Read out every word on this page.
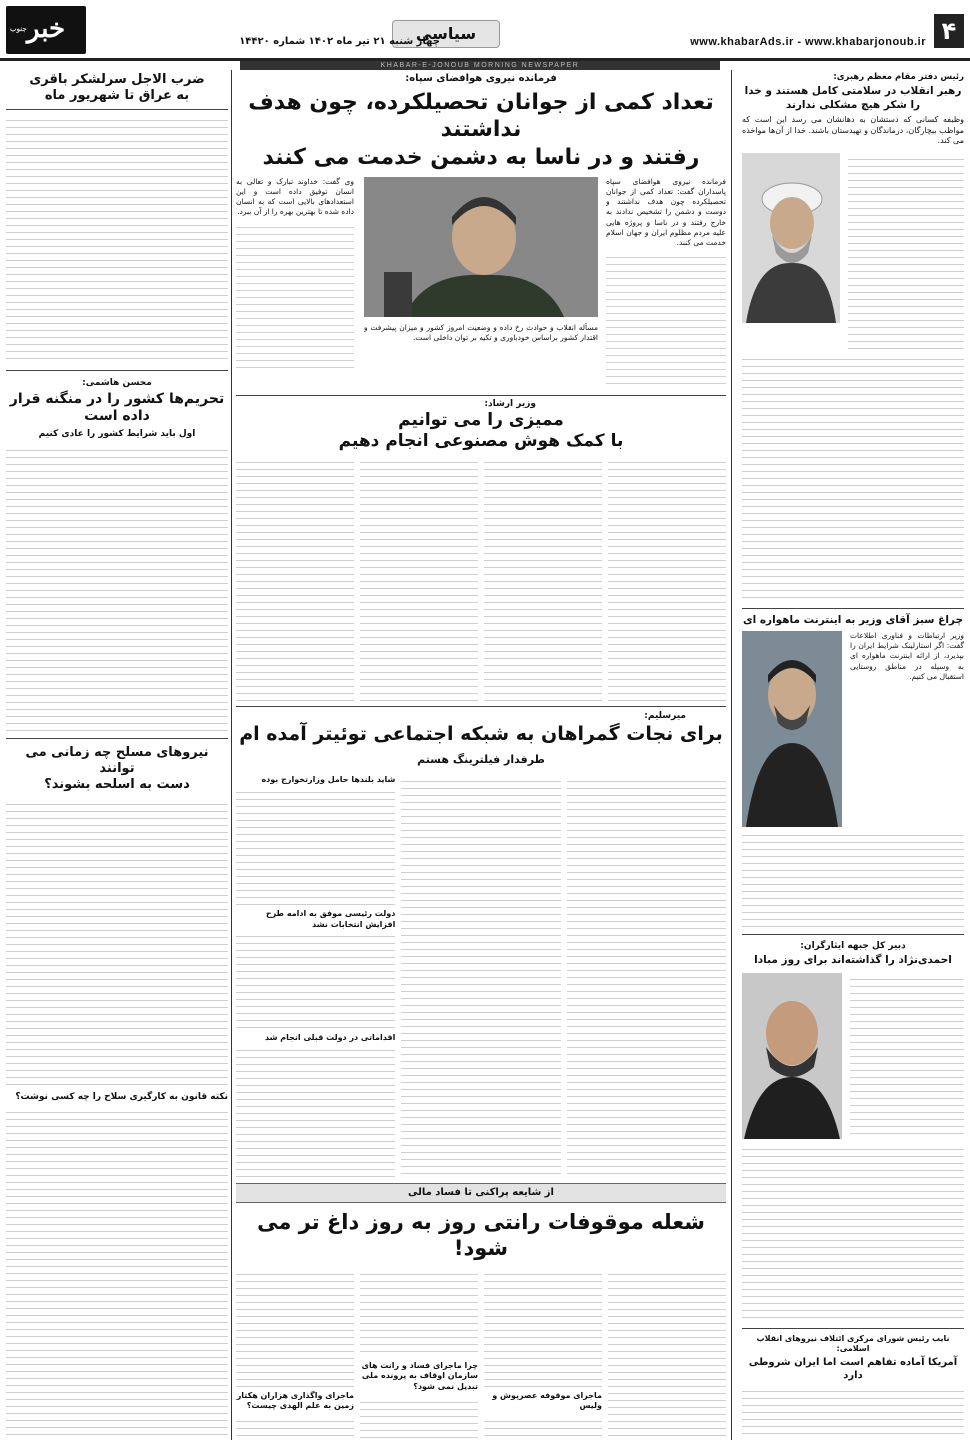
۴
www.khabarAds.ir - www.khabarjonoub.ir
سیاسی
چهار شنبه ۲۱ تیر ماه ۱۴۰۲ شماره ۱۴۴۲۰
خبر
جنوب
KHABAR-E-JONOUB MORNING NEWSPAPER
ضرب الاجل سرلشکر باقری
به عراق تا شهریور ماه
محسن هاشمی:
تحریم‌ها کشور را در منگنه قرار داده است
اول باید شرایط کشور را عادی کنیم
نیروهای مسلح چه زمانی می توانند
دست به اسلحه بشوند؟
نکته قانون به کارگیری سلاح را چه کسی نوشت؟
فرمانده نیروی هوافضای سپاه:
تعداد کمی از جوانان تحصیلکرده، چون هدف نداشتند
رفتند و در ناسا به دشمن خدمت می کنند
فرمانده نیروی هوافضای سپاه پاسداران گفت: تعداد کمی از جوانان تحصیلکرده چون هدف نداشتند و دوست و دشمن را تشخیص ندادند به خارج رفتند و در ناسا و پروژه هایی علیه مردم مظلوم ایران و جهان اسلام خدمت می کنند.
مسأله انقلاب و حوادث رخ داده و وضعیت امروز کشور و میزان پیشرفت و اقتدار کشور براساس خودباوری و تکیه بر توان داخلی است.
وی گفت: خداوند تبارک و تعالی به انسان توفیق داده است و این استعدادهای بالایی است که به انسان داده شده تا بهترین بهره را از آن ببرد.
وزیر ارشاد:
ممیزی را می توانیم
با کمک هوش مصنوعی انجام دهیم
میرسلیم:
برای نجات گمراهان به شبکه اجتماعی توئیتر آمده ام
طرفدار فیلترینگ هستم
شاید بلندها حامل وزارتخوارج بوده
دولت رئیسی موفق به ادامه طرح افزایش انتخابات نشد
اقداماتی در دولت قبلی انجام شد
از شایعه پراکنی تا فساد مالی
شعله موقوفات رانتی روز به روز داغ تر می شود!
ماجرای موقوفه عصرپوش و ولیس
چرا ماجرای فساد و رانت های سازمان اوقاف به پرونده ملی تبدیل نمی شود؟
ماجرای واگذاری هزاران هکتار زمین به علم الهدی چیست؟
رئیس دفتر مقام معظم رهبری:
رهبر انقلاب در سلامتی کامل هستند و خدا را شکر هیچ مشکلی ندارند
وظیفه کسانی که دستشان به دهانشان می رسد این است که مواظب بیچارگان، درماندگان و تهیدستان باشند. خدا از آن‌ها مواخذه می کند.
چراغ سبز آقای وزیر به اینترنت ماهواره ای
وزیر ارتباطات و فناوری اطلاعات گفت: اگر استارلینک شرایط ایران را بپذیرد، از ارائه اینترنت ماهواره ای به وسیله در مناطق روستایی استقبال می کنیم.
دبیر کل جبهه ایثارگران:
احمدی‌نژاد را گذاشته‌اند برای روز مبادا
نایب رئیس شورای مرکزی ائتلاف نیروهای انقلاب اسلامی:
آمریکا آماده تفاهم است اما ایران شروطی دارد
